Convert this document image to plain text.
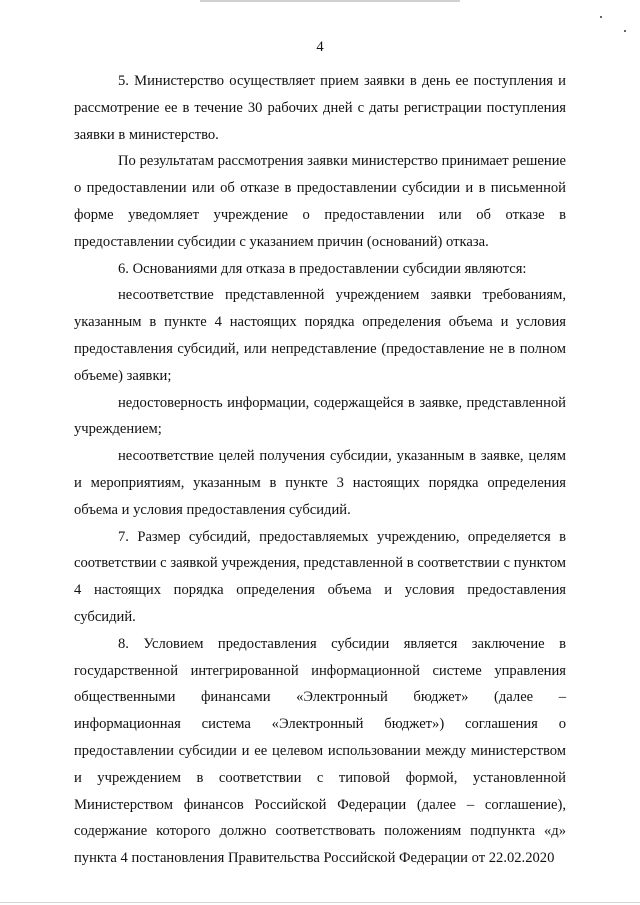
4

5. Министерство осуществляет прием заявки в день ее поступления и рассмотрение ее в течение 30 рабочих дней с даты регистрации поступления заявки в министерство.

По результатам рассмотрения заявки министерство принимает решение о предоставлении или об отказе в предоставлении субсидии и в письменной форме уведомляет учреждение о предоставлении или об отказе в предоставлении субсидии с указанием причин (оснований) отказа.

6. Основаниями для отказа в предоставлении субсидии являются:

несоответствие представленной учреждением заявки требованиям, указанным в пункте 4 настоящих порядка определения объема и условия предоставления субсидий, или непредставление (предоставление не в полном объеме) заявки;

недостоверность информации, содержащейся в заявке, представленной учреждением;

несоответствие целей получения субсидии, указанным в заявке, целям и мероприятиям, указанным в пункте 3 настоящих порядка определения объема и условия предоставления субсидий.

7. Размер субсидий, предоставляемых учреждению, определяется в соответствии с заявкой учреждения, представленной в соответствии с пунктом 4 настоящих порядка определения объема и условия предоставления субсидий.

8. Условием предоставления субсидии является заключение в государственной интегрированной информационной системе управления общественными финансами «Электронный бюджет» (далее – информационная система «Электронный бюджет») соглашения о предоставлении субсидии и ее целевом использовании между министерством и учреждением в соответствии с типовой формой, установленной Министерством финансов Российской Федерации (далее – соглашение), содержание которого должно соответствовать положениям подпункта «д» пункта 4 постановления Правительства Российской Федерации от 22.02.2020
